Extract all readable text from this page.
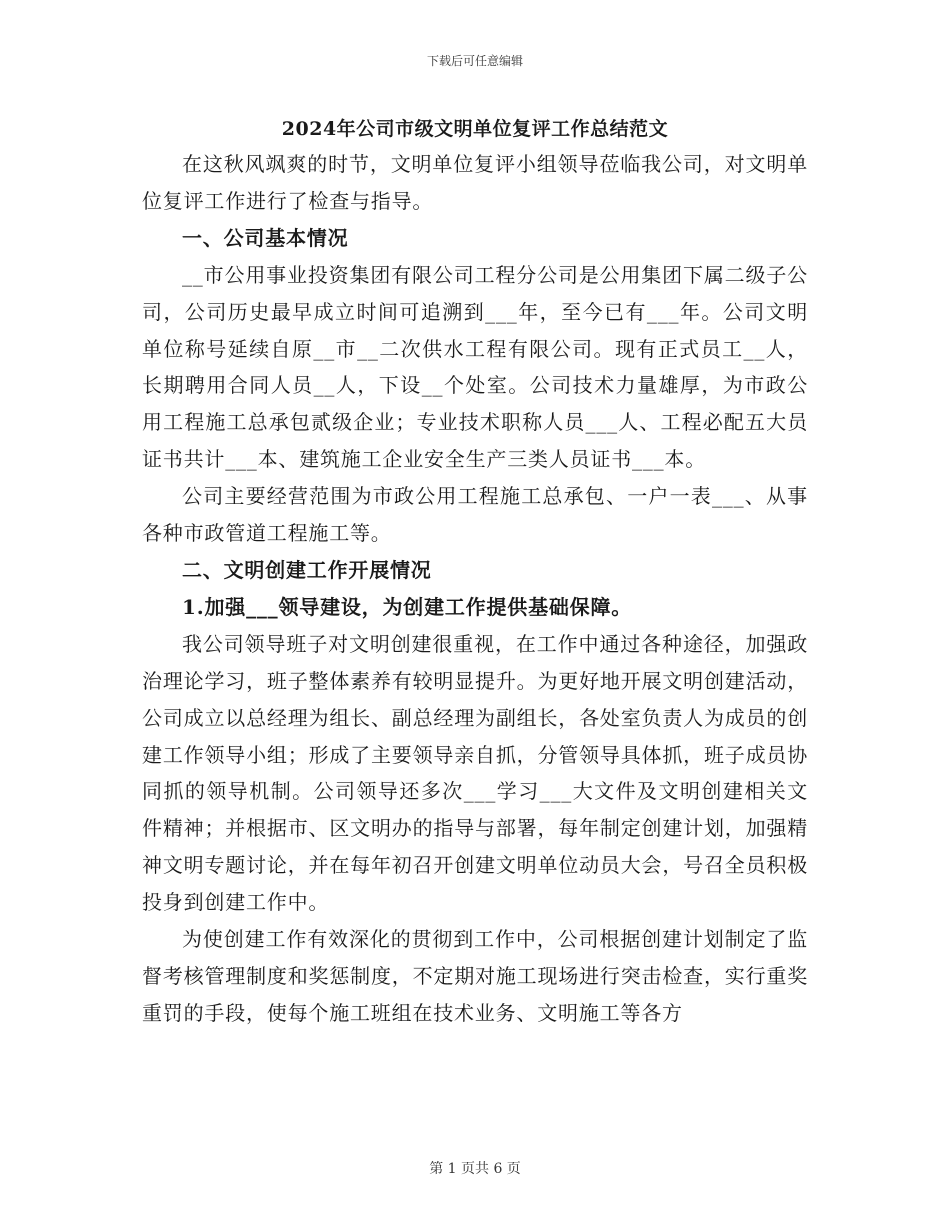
下载后可任意编辑
2024年公司市级文明单位复评工作总结范文

在这秋风飒爽的时节，文明单位复评小组领导莅临我公司，对文明单位复评工作进行了检查与指导。

一、公司基本情况

__市公用事业投资集团有限公司工程分公司是公用集团下属二级子公司，公司历史最早成立时间可追溯到___年，至今已有___年。公司文明单位称号延续自原__市__二次供水工程有限公司。现有正式员工__人，长期聘用合同人员__人，下设__个处室。公司技术力量雄厚，为市政公用工程施工总承包贰级企业；专业技术职称人员___人、工程必配五大员证书共计___本、建筑施工企业安全生产三类人员证书___本。

公司主要经营范围为市政公用工程施工总承包、一户一表___、从事各种市政管道工程施工等。

二、文明创建工作开展情况

1.加强___领导建设，为创建工作提供基础保障。

我公司领导班子对文明创建很重视，在工作中通过各种途径，加强政治理论学习，班子整体素养有较明显提升。为更好地开展文明创建活动，公司成立以总经理为组长、副总经理为副组长，各处室负责人为成员的创建工作领导小组；形成了主要领导亲自抓，分管领导具体抓，班子成员协同抓的领导机制。公司领导还多次___学习___大文件及文明创建相关文件精神；并根据市、区文明办的指导与部署，每年制定创建计划，加强精神文明专题讨论，并在每年初召开创建文明单位动员大会，号召全员积极投身到创建工作中。

为使创建工作有效深化的贯彻到工作中，公司根据创建计划制定了监督考核管理制度和奖惩制度，不定期对施工现场进行突击检查，实行重奖重罚的手段，使每个施工班组在技术业务、文明施工等各方

第 1 页共 6 页
